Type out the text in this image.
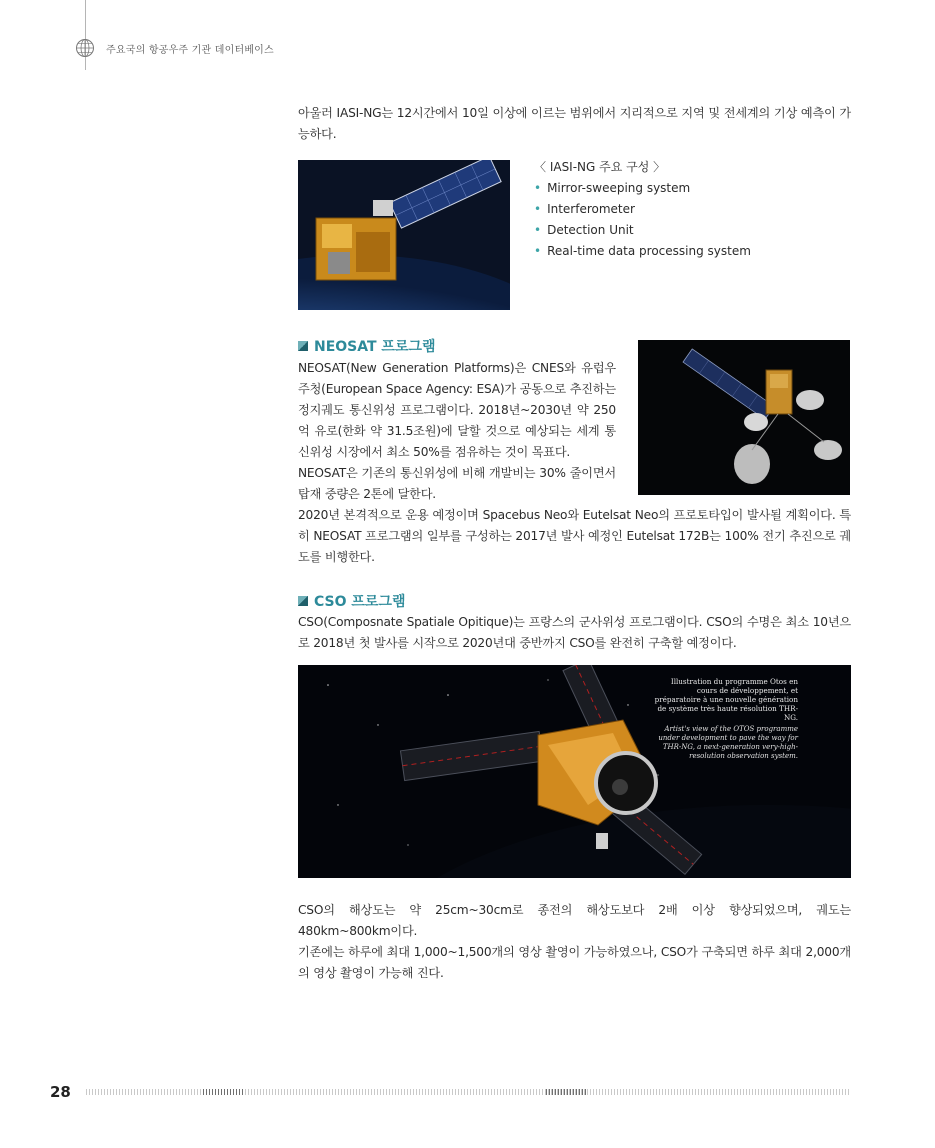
주요국의 항공우주 기관 데이터베이스

아울러 IASI-NG는 12시간에서 10일 이상에 이르는 범위에서 지리적으로 지역 및 전세계의 기상 예측이 가능하다.

〈 IASI-NG 주요 구성 〉
• Mirror-sweeping system
• Interferometer
• Detection Unit
• Real-time data processing system
NEOSAT 프로그램

NEOSAT(New Generation Platforms)은 CNES와 유럽우주청(European Space Agency: ESA)가 공동으로 추진하는 정지궤도 통신위성 프로그램이다. 2018년~2030년 약 250억 유로(한화 약 31.5조원)에 달할 것으로 예상되는 세계 통신위성 시장에서 최소 50%를 점유하는 것이 목표다.

NEOSAT은 기존의 통신위성에 비해 개발비는 30% 줄이면서 탑재 중량은 2톤에 달한다.

2020년 본격적으로 운용 예정이며 Spacebus Neo와 Eutelsat Neo의 프로토타입이 발사될 계획이다. 특히 NEOSAT 프로그램의 일부를 구성하는 2017년 발사 예정인 Eutelsat 172B는 100% 전기 추진으로 궤도를 비행한다.

CSO 프로그램

CSO(Composnate Spatiale Opitique)는 프랑스의 군사위성 프로그램이다. CSO의 수명은 최소 10년으로 2018년 첫 발사를 시작으로 2020년대 중반까지 CSO를 완전히 구축할 예정이다.

Illustration du programme Otos en cours de développement, et préparatoire à une nouvelle génération de système très haute résolution THR-NG.
Artist's view of the OTOS programme under development to pave the way for THR-NG, a next-generation very-high-resolution observation system.

CSO의 해상도는 약 25cm~30cm로 종전의 해상도보다 2배 이상 향상되었으며, 궤도는 480km~800km이다.

기존에는 하루에 최대 1,000~1,500개의 영상 촬영이 가능하였으나, CSO가 구축되면 하루 최대 2,000개의 영상 촬영이 가능해 진다.

28
